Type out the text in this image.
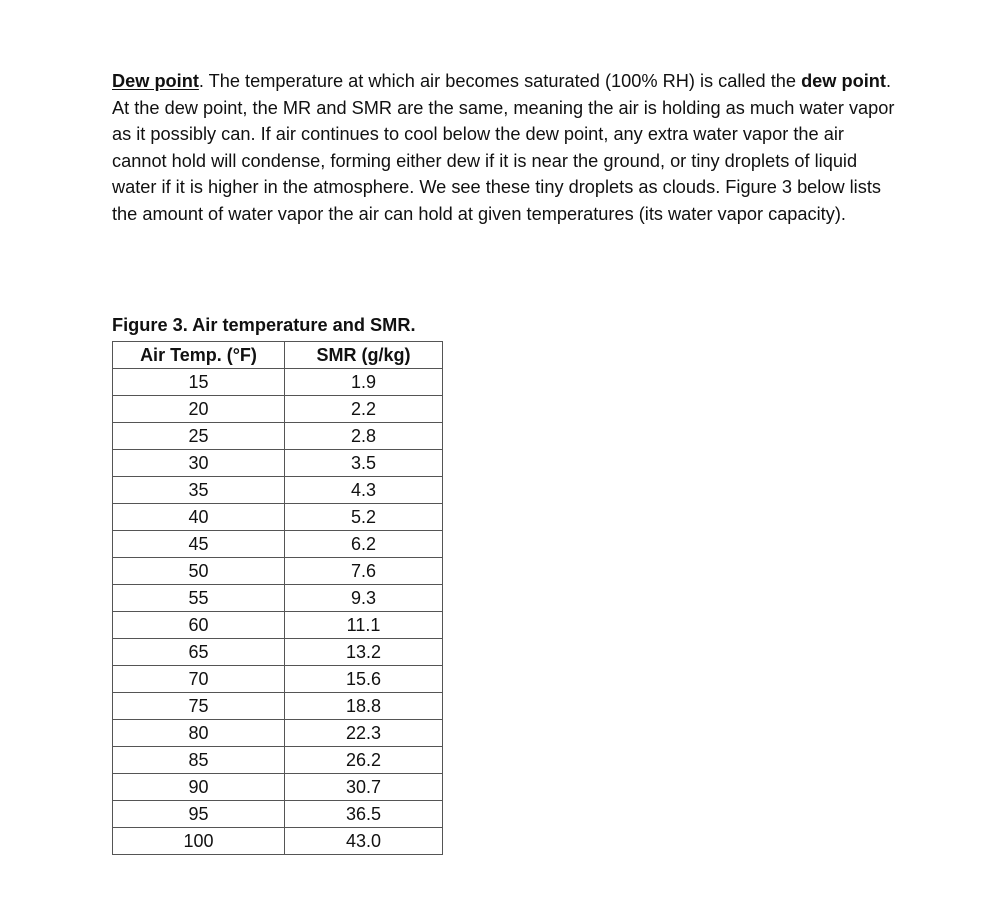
Dew point. The temperature at which air becomes saturated (100% RH) is called the dew point. At the dew point, the MR and SMR are the same, meaning the air is holding as much water vapor as it possibly can. If air continues to cool below the dew point, any extra water vapor the air cannot hold will condense, forming either dew if it is near the ground, or tiny droplets of liquid water if it is higher in the atmosphere. We see these tiny droplets as clouds. Figure 3 below lists the amount of water vapor the air can hold at given temperatures (its water vapor capacity).

Figure 3. Air temperature and SMR.

Air Temp. (°F)	SMR (g/kg)
15	1.9
20	2.2
25	2.8
30	3.5
35	4.3
40	5.2
45	6.2
50	7.6
55	9.3
60	11.1
65	13.2
70	15.6
75	18.8
80	22.3
85	26.2
90	30.7
95	36.5
100	43.0
